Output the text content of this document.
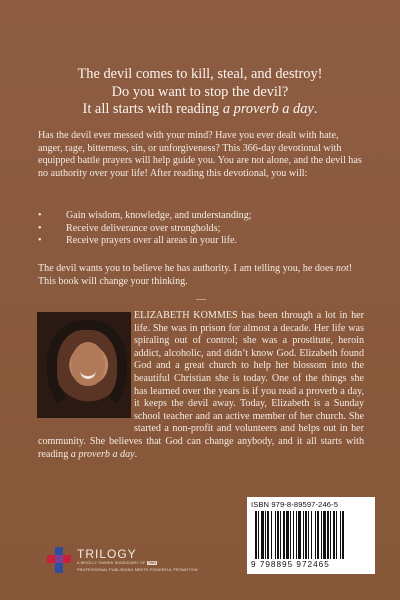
The devil comes to kill, steal, and destroy!
Do you want to stop the devil?
It all starts with reading a proverb a day.

Has the devil ever messed with your mind? Have you ever dealt with hate, anger, rage, bitterness, sin, or unforgiveness? This 366-day devotional with equipped battle prayers will help guide you. You are not alone, and the devil has no authority over your life! After reading this devotional, you will:

• Gain wisdom, knowledge, and understanding;
• Receive deliverance over strongholds;
• Receive prayers over all areas in your life.

The devil wants you to believe he has authority. I am telling you, he does not! This book will change your thinking.

—

ELIZABETH KOMMES has been through a lot in her life. She was in prison for almost a decade. Her life was spiraling out of control; she was a prostitute, heroin addict, alcoholic, and didn’t know God. Elizabeth found God and a great church to help her blossom into the beautiful Christian she is today. One of the things she has learned over the years is if you read a proverb a day, it keeps the devil away. Today, Elizabeth is a Sunday school teacher and an active member of her church. She started a non-profit and volunteers and helps out in her community. She believes that God can change anybody, and it all starts with reading a proverb a day.

ISBN 979-8-89597-246-5
9 798895 972465
TRILOGY
A WHOLLY OWNED SUBSIDIARY OF TBN
PROFESSIONAL PUBLISHING MEETS POWERFUL PROMOTION
